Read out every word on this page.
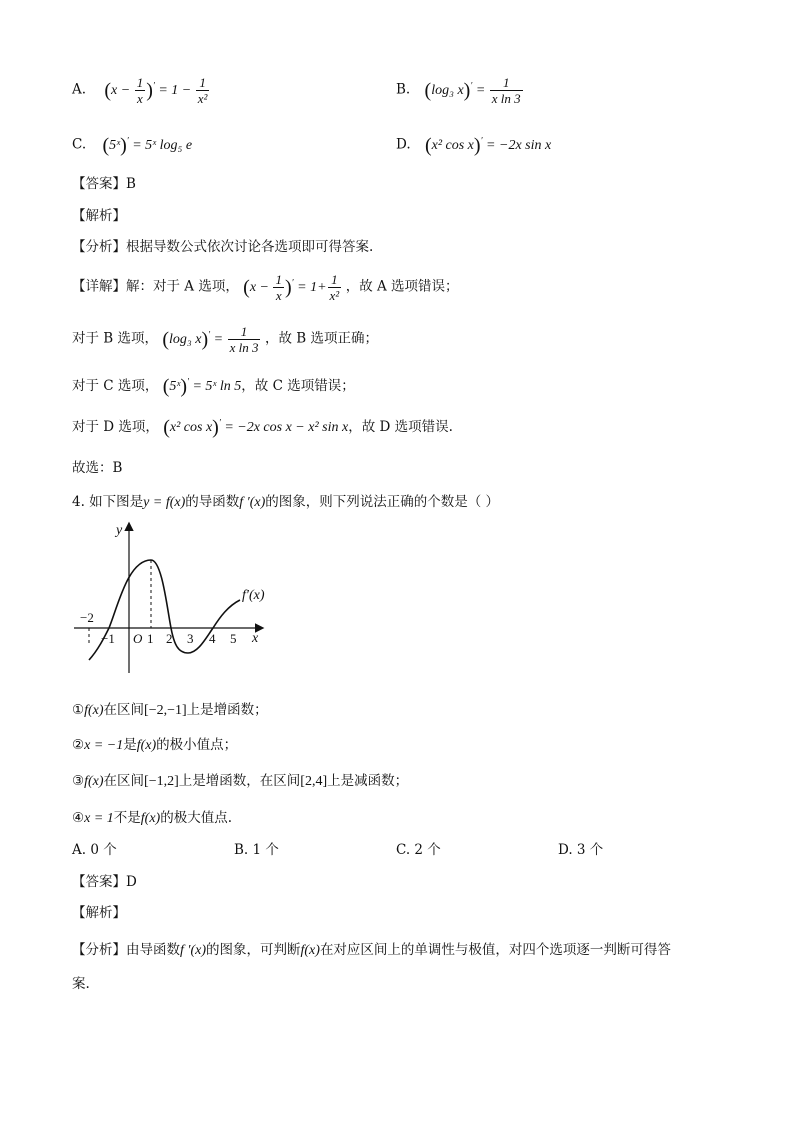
A. $(x - \frac{1}{x} )' = 1 - \frac{1}{\text{x²}}$	B. (log₃ $x)' = \frac{1}{\text{x ln 3}}$
C. (5ˣ)′ = 5ˣ log₅ e	D. (x² cos x)′ = −2x sin x
【答案】B
【解析】
【分析】根据导数公式依次讨论各选项即可得答案.
【详解】解：对于 A 选项， $(x - \frac{1}{x} )' = 1+ \frac{1}{\text{x²}}$ ，故 A 选项错误；
对于 B 选项， (log₃ $x)' = \frac{1}{\text{x ln 3}}$ ，故 B 选项正确；
对于 C 选项， (5ˣ)′ = 5ˣ ln 5，故 C 选项错误；
对于 D 选项， (x² cos x)′ = −2x cos x − x² sin x，故 D 选项错误.
故选：B
4. 如下图是y = f(x)的导函数f ′(x)的图象，则下列说法正确的个数是（ ）
y
x
O
f′(x)
−2
−1 1 2 3 4 5
①f(x)在区间[−2,−1]上是增函数；
②x = −1是f(x)的极小值点；
③f(x)在区间[−1,2]上是增函数，在区间[2,4]上是减函数；
④x = 1不是f(x)的极大值点.
A. 0 个	B. 1 个	C. 2 个	D. 3 个
【答案】D
【解析】
【分析】由导函数f ′(x)的图象，可判断f(x)在对应区间上的单调性与极值，对四个选项逐一判断可得答
案.
